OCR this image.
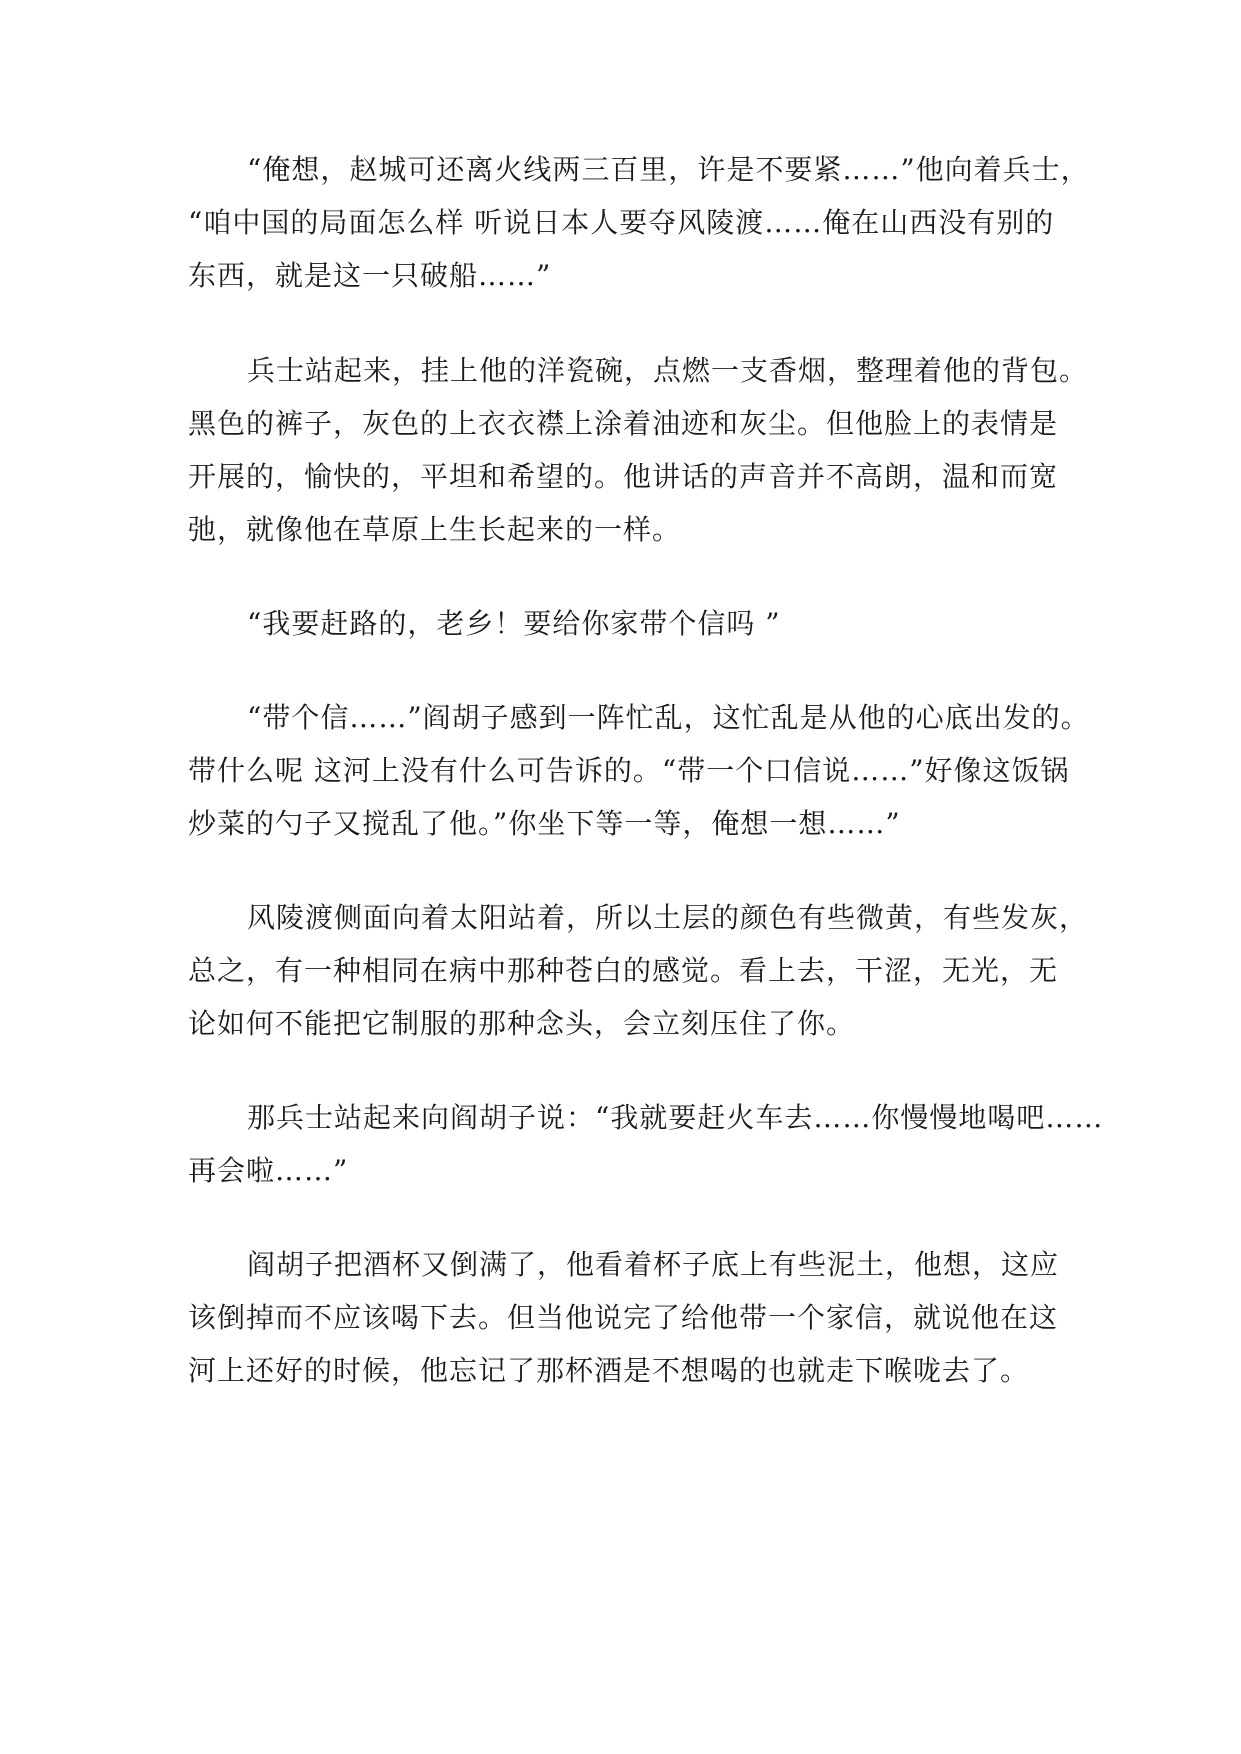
“俺想，赵城可还离火线两三百里，许是不要紧……”他向着兵士，

“咱中国的局面怎么样 听说日本人要夺风陵渡……俺在山西没有别的

东西，就是这一只破船……”

兵士站起来，挂上他的洋瓷碗，点燃一支香烟，整理着他的背包。

黑色的裤子，灰色的上衣衣襟上涂着油迹和灰尘。但他脸上的表情是

开展的，愉快的，平坦和希望的。他讲话的声音并不高朗，温和而宽

弛，就像他在草原上生长起来的一样。

“我要赶路的，老乡！要给你家带个信吗 ”

“带个信……”阎胡子感到一阵忙乱，这忙乱是从他的心底出发的。

带什么呢 这河上没有什么可告诉的。“带一个口信说……”好像这饭锅

炒菜的勺子又搅乱了他。”你坐下等一等，俺想一想……”

风陵渡侧面向着太阳站着，所以土层的颜色有些微黄，有些发灰，

总之，有一种相同在病中那种苍白的感觉。看上去，干涩，无光，无

论如何不能把它制服的那种念头，会立刻压住了你。

那兵士站起来向阎胡子说：“我就要赶火车去……你慢慢地喝吧……

再会啦……”

阎胡子把酒杯又倒满了，他看着杯子底上有些泥土，他想，这应

该倒掉而不应该喝下去。但当他说完了给他带一个家信，就说他在这

河上还好的时候，他忘记了那杯酒是不想喝的也就走下喉咙去了。
